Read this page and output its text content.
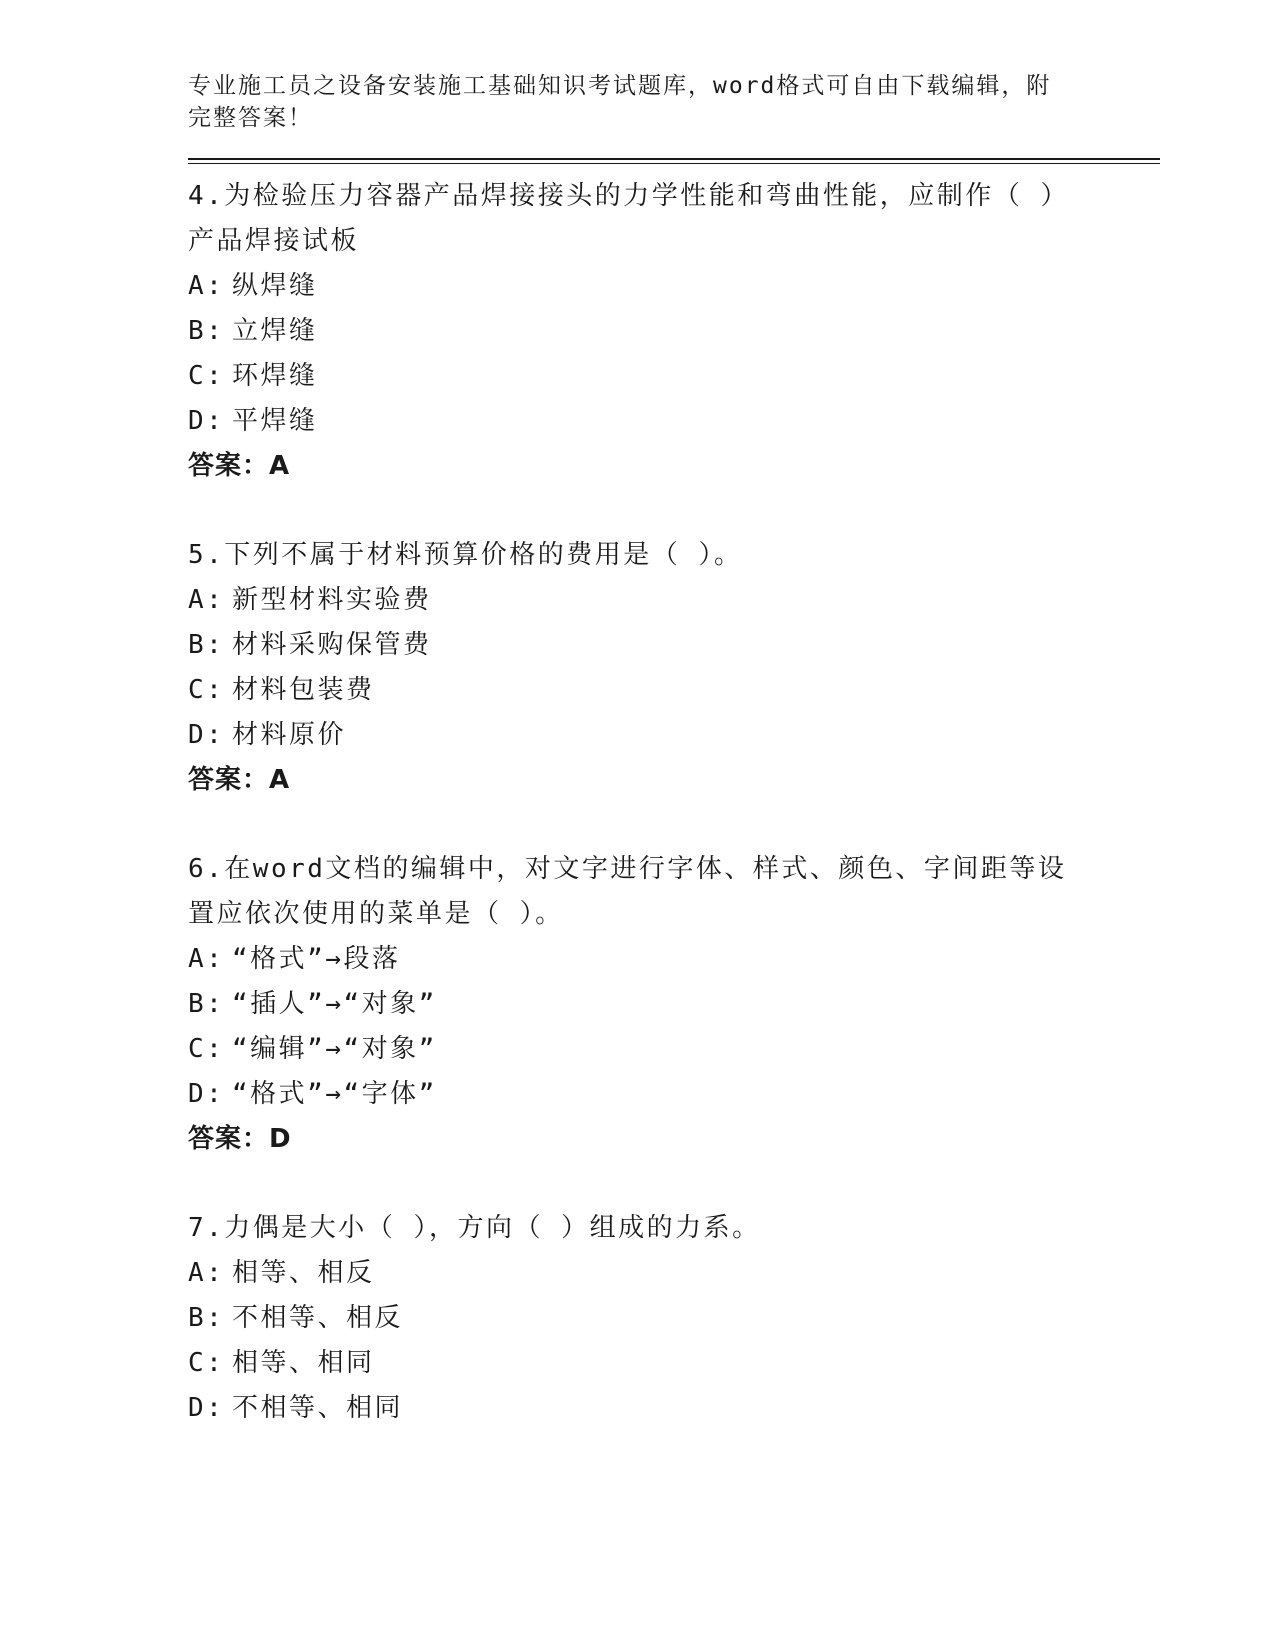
专业施工员之设备安装施工基础知识考试题库，word格式可自由下载编辑，附完整答案！
4.为检验压力容器产品焊接接头的力学性能和弯曲性能，应制作（ ）产品焊接试板
A: 纵焊缝
B: 立焊缝
C: 环焊缝
D: 平焊缝
答案：A
5.下列不属于材料预算价格的费用是（ ）。
A: 新型材料实验费
B: 材料采购保管费
C: 材料包装费
D: 材料原价
答案：A
6.在word文档的编辑中，对文字进行字体、样式、颜色、字间距等设置应依次使用的菜单是（ ）。
A: “格式”→段落
B: “插人”→“对象”
C: “编辑”→“对象”
D: “格式”→“字体”
答案：D
7.力偶是大小（ ），方向（ ）组成的力系。
A: 相等、相反
B: 不相等、相反
C: 相等、相同
D: 不相等、相同
